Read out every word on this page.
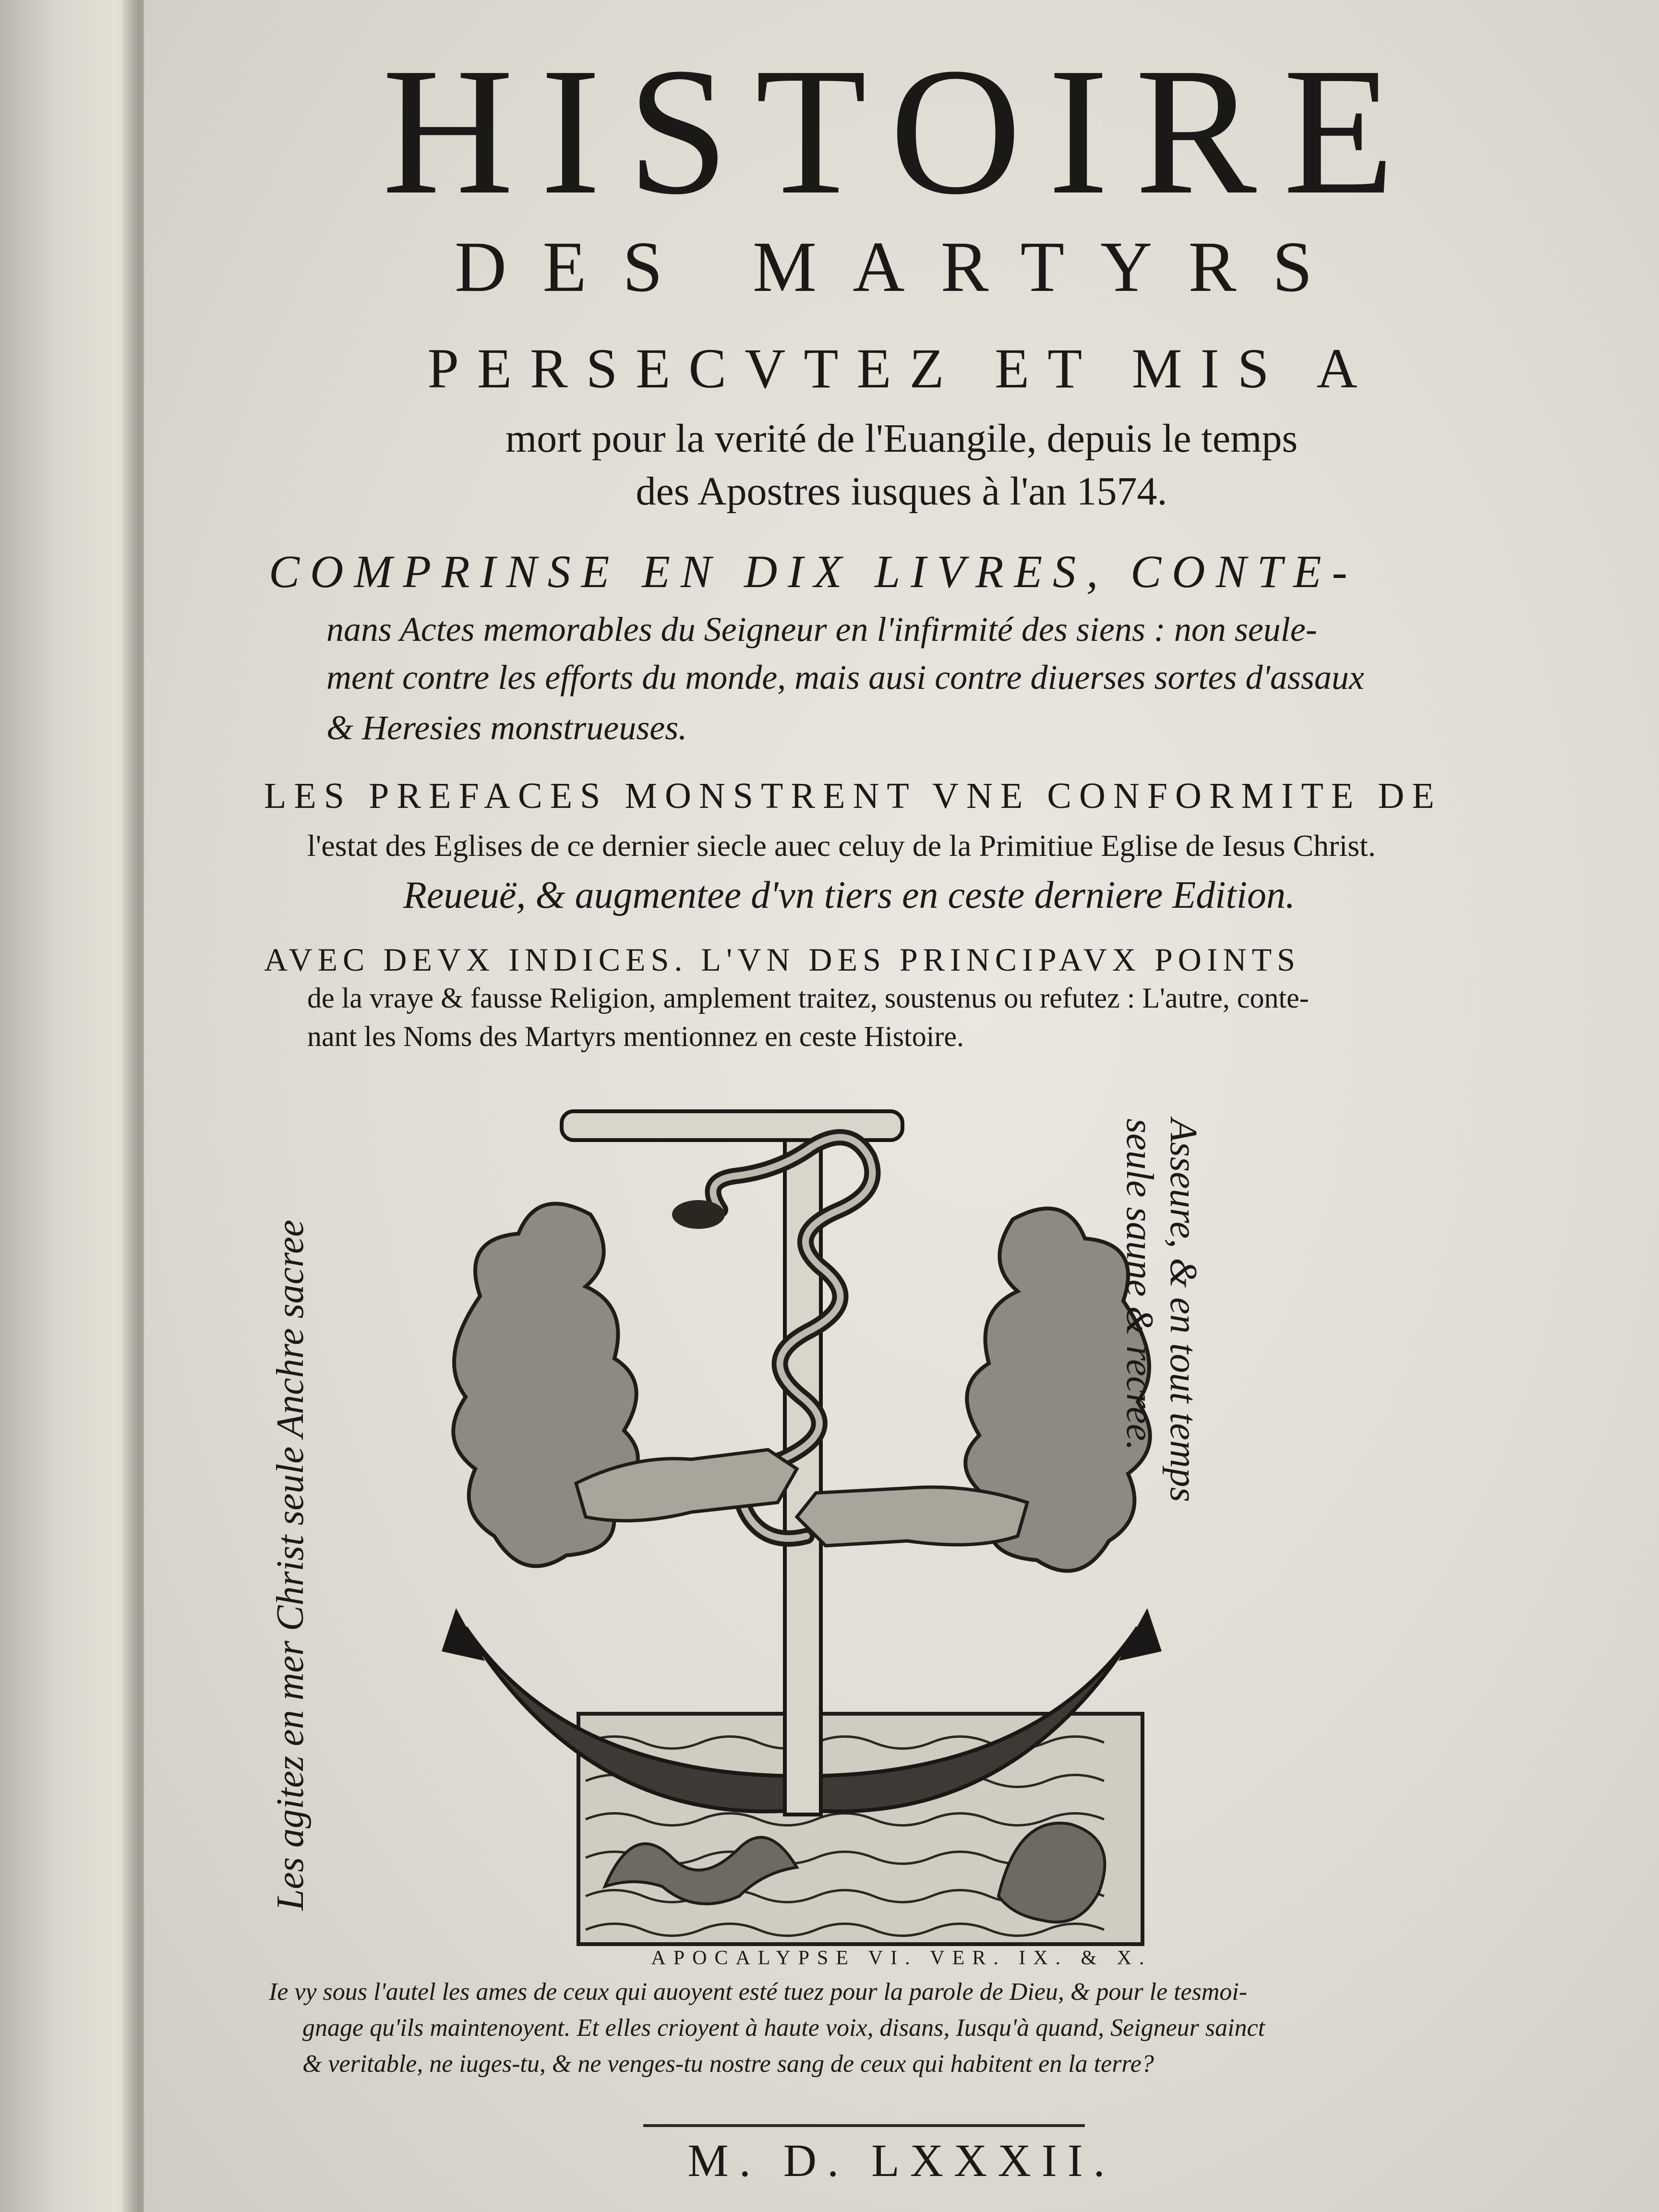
HISTOIRE
DES MARTYRS
PERSECVTEZ ET MIS A
mort pour la verité de l'Euangile, depuis le temps
des Apostres iusques à l'an 1574.
COMPRINSE EN DIX LIVRES, CONTE-
nans Actes memorables du Seigneur en l'infirmité des siens : non seule-
ment contre les efforts du monde, mais ausi contre diuerses sortes d'assaux
& Heresies monstrueuses.
LES PREFACES MONSTRENT VNE CONFORMITE DE
l'estat des Eglises de ce dernier siecle auec celuy de la Primitiue Eglise de Iesus Christ.
Reueuë, & augmentee d'vn tiers en ceste derniere Edition.
AVEC DEVX INDICES. L'VN DES PRINCIPAVX POINTS
de la vraye & fausse Religion, amplement traitez, soustenus ou refutez : L'autre, conte-
nant les Noms des Martyrs mentionnez en ceste Histoire.
Les agitez en mer Christ seule Anchre sacree	Asseure, & en tout temps seule saune & recree.
APOCALYPSE VI. VER. IX. & X.
Ie vy sous l'autel les ames de ceux qui auoyent esté tuez pour la parole de Dieu, & pour le tesmoi-
gnage qu'ils maintenoyent. Et elles crioyent à haute voix, disans, Iusqu'à quand, Seigneur sainct
& veritable, ne iuges-tu, & ne venges-tu nostre sang de ceux qui habitent en la terre?
M. D. LXXXII.
